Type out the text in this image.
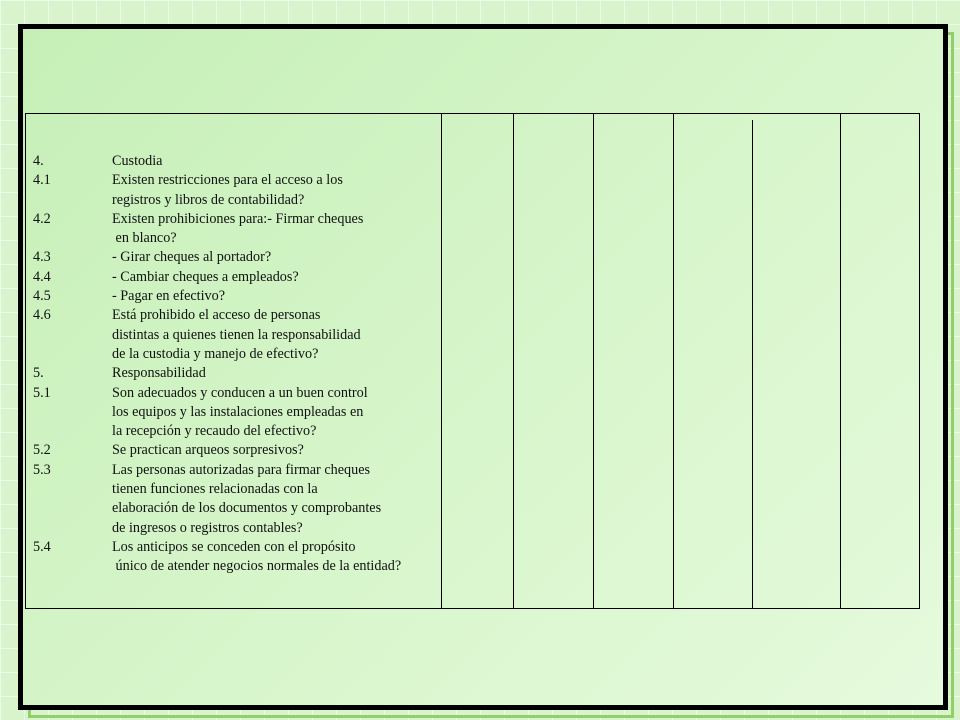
4.	Custodia
4.1	Existen restricciones para el acceso a los
registros y libros de contabilidad?
4.2	Existen prohibiciones para:- Firmar cheques
en blanco?
4.3	- Girar cheques al portador?
4.4	- Cambiar cheques a empleados?
4.5	- Pagar en efectivo?
4.6	Está prohibido el acceso de personas
distintas a quienes tienen la responsabilidad
de la custodia y manejo de efectivo?
5.	Responsabilidad
5.1	Son adecuados y conducen a un buen control
los equipos y las instalaciones empleadas en
la recepción y recaudo del efectivo?
5.2	Se practican arqueos sorpresivos?
5.3	Las personas autorizadas para firmar cheques
tienen funciones relacionadas con la
elaboración de los documentos y comprobantes
de ingresos o registros contables?
5.4	Los anticipos se conceden con el propósito
único de atender negocios normales de la entidad?
